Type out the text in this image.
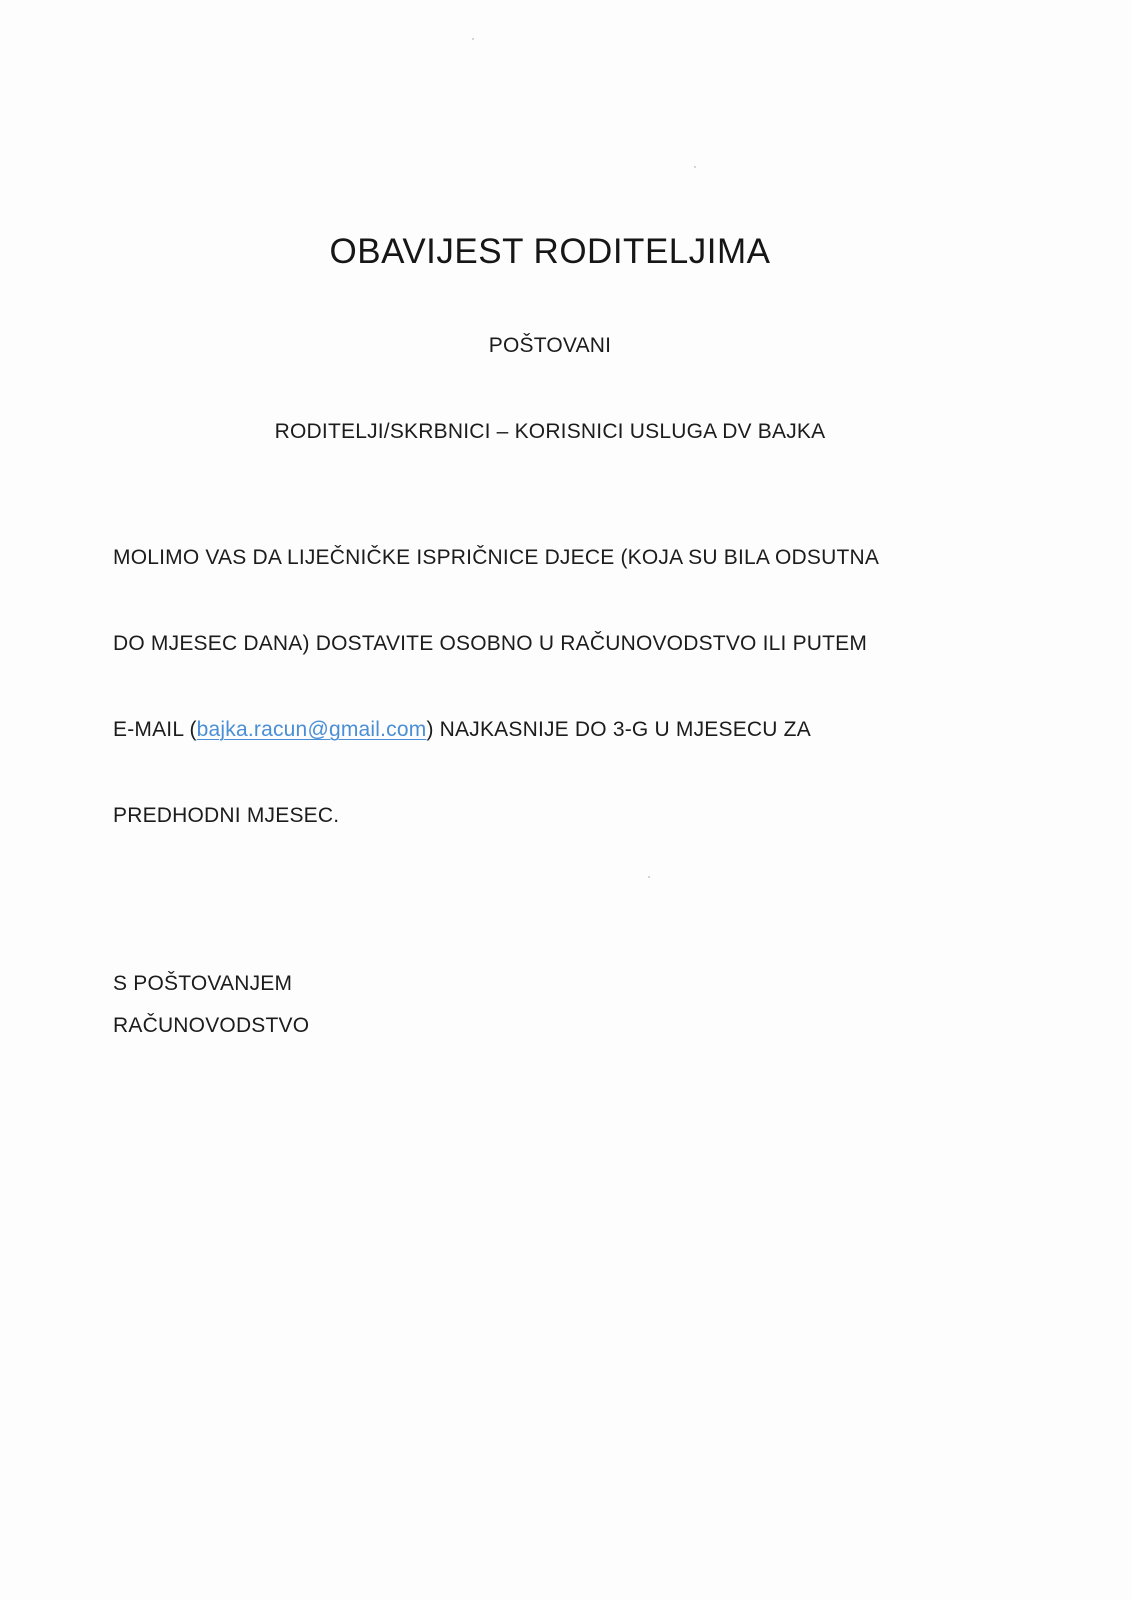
OBAVIJEST RODITELJIMA
POŠTOVANI
RODITELJI/SKRBNICI – KORISNICI USLUGA DV BAJKA
MOLIMO VAS DA LIJEČNIČKE ISPRIČNICE DJECE (KOJA SU BILA ODSUTNA
DO MJESEC DANA) DOSTAVITE OSOBNO U RAČUNOVODSTVO ILI PUTEM
E-MAIL (bajka.racun@gmail.com) NAJKASNIJE DO 3-G U MJESECU ZA
PREDHODNI MJESEC.
S POŠTOVANJEM
RAČUNOVODSTVO
